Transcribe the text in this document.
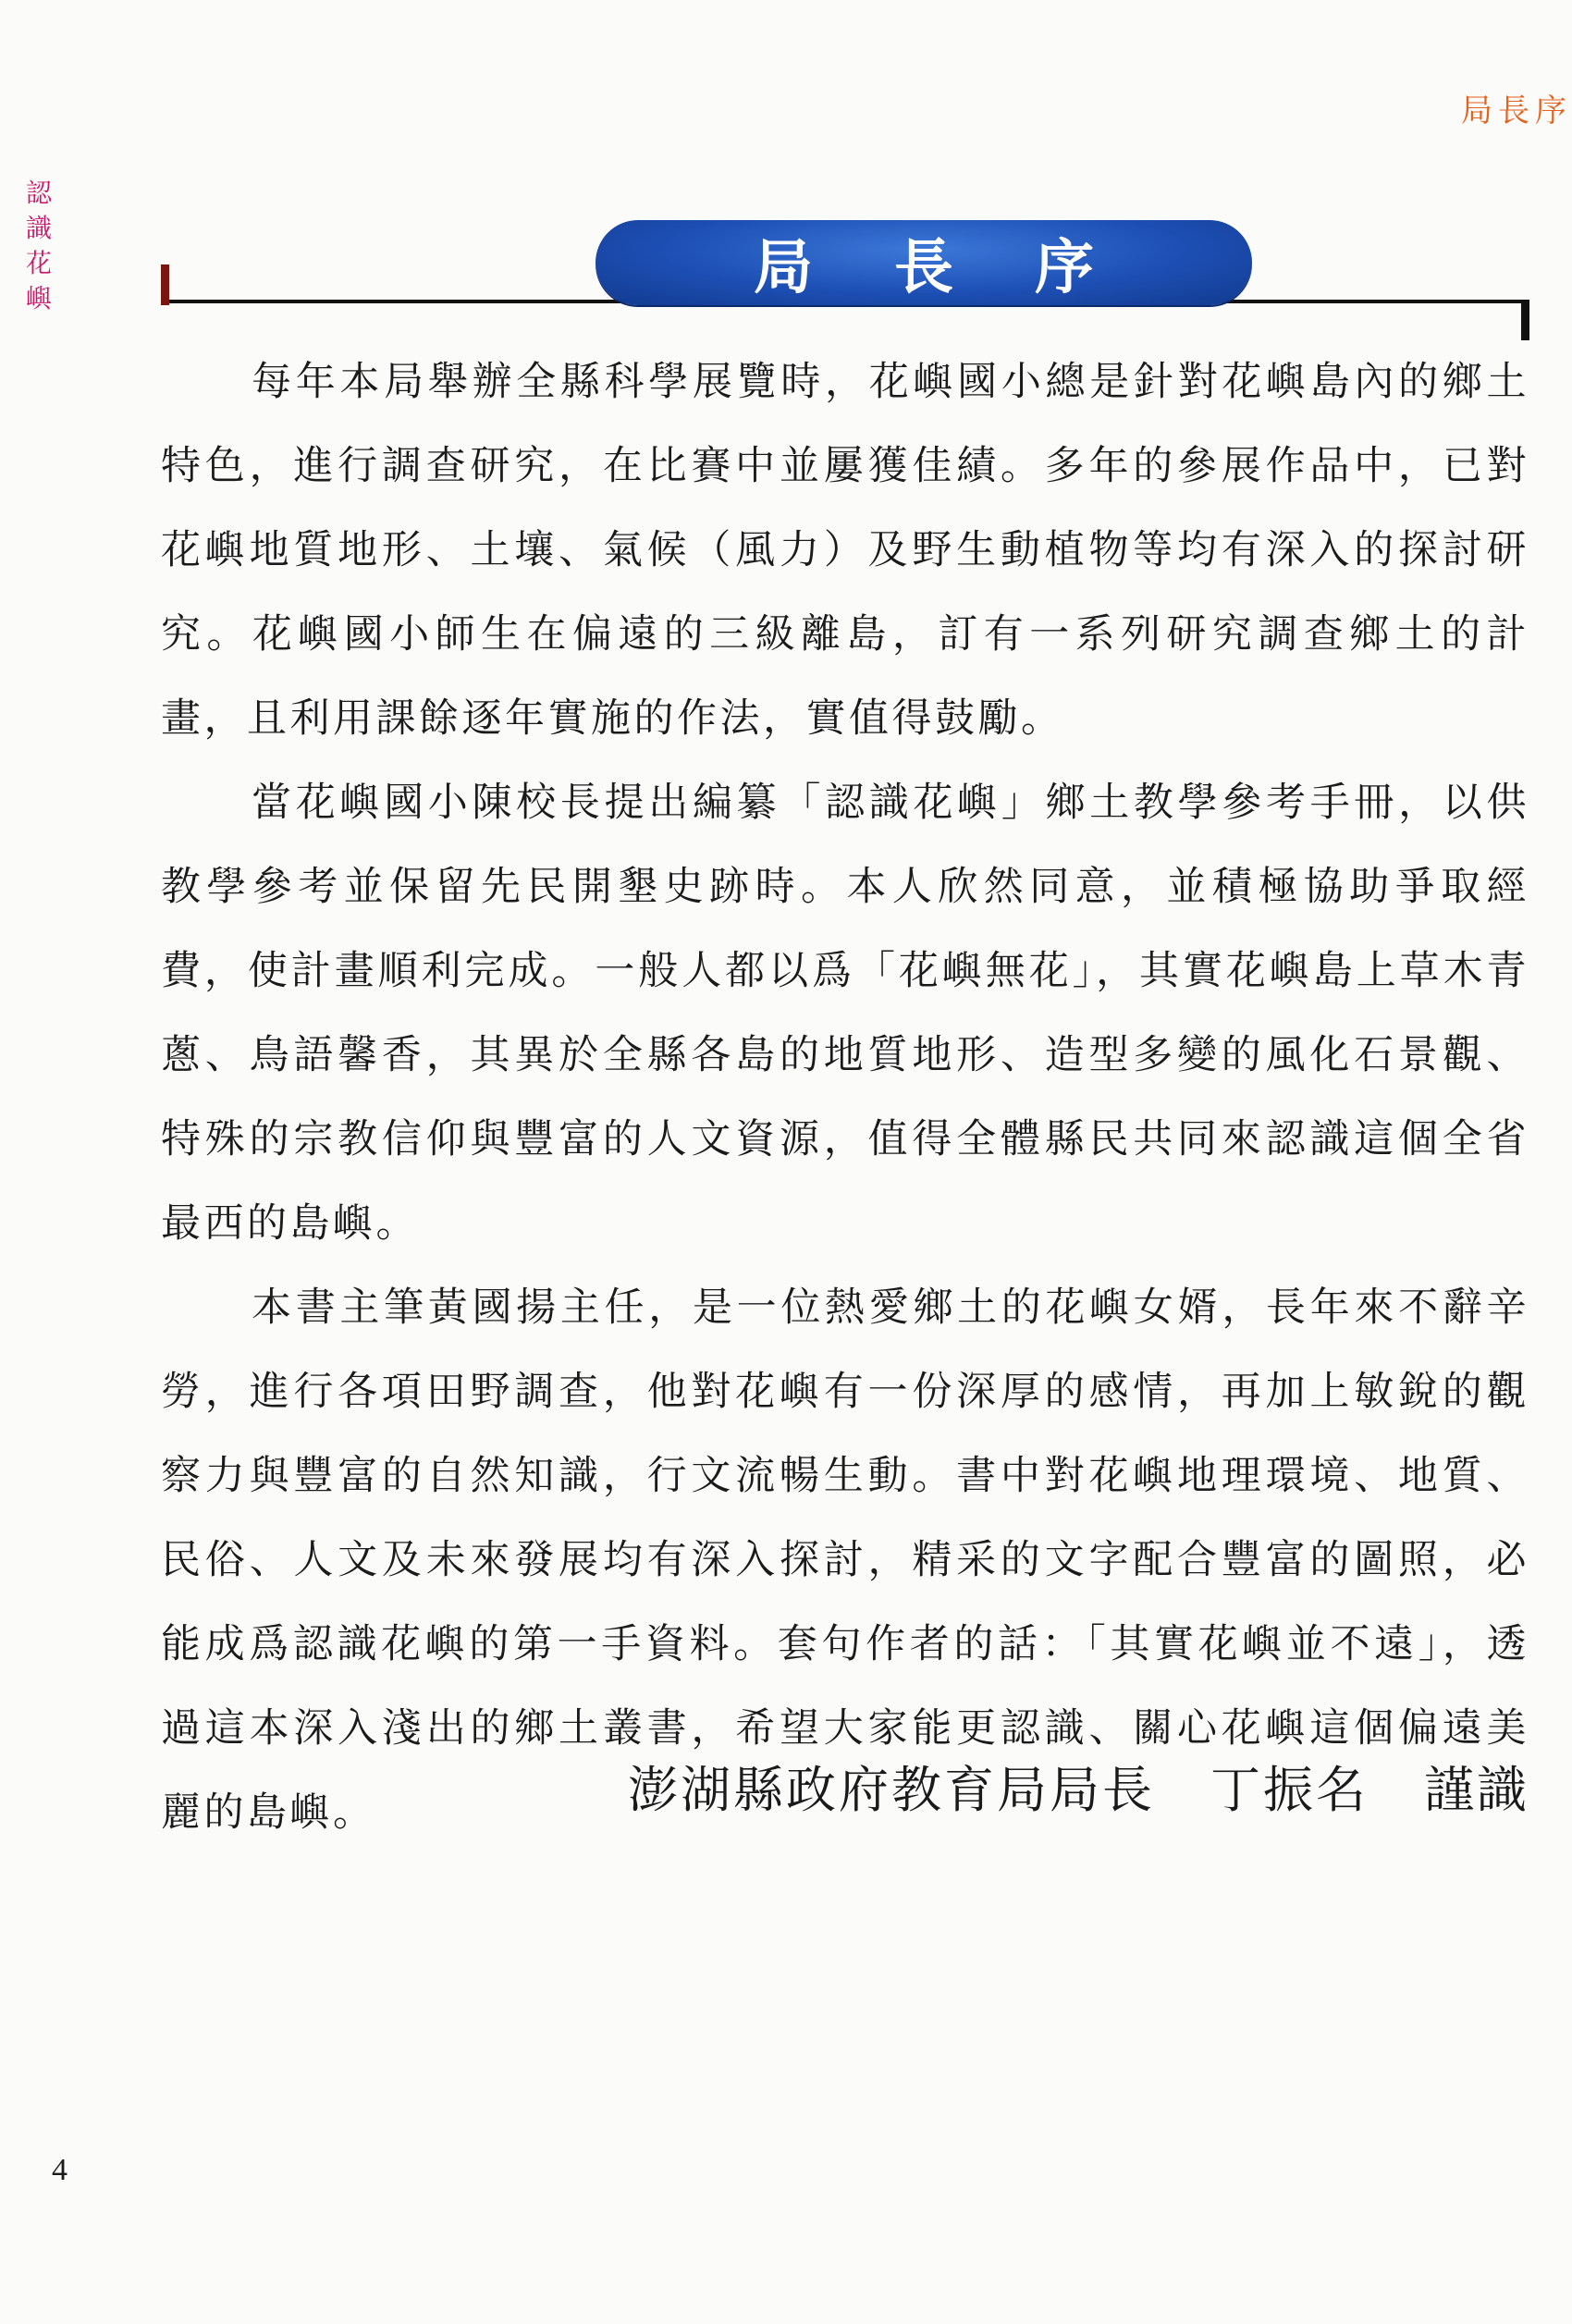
局長序
認
識
花
嶼	局長序

每年本局舉辦全縣科學展覽時，花嶼國小總是針對花嶼島內的鄉土特色，進行調查研究，在比賽中並屢獲佳績。多年的參展作品中，已對花嶼地質地形、土壤、氣候（風力）及野生動植物等均有深入的探討研究。花嶼國小師生在偏遠的三級離島，訂有一系列研究調查鄉土的計畫，且利用課餘逐年實施的作法，實值得鼓勵。

當花嶼國小陳校長提出編纂「認識花嶼」鄉土教學參考手冊，以供教學參考並保留先民開墾史跡時。本人欣然同意，並積極協助爭取經費，使計畫順利完成。一般人都以爲「花嶼無花」，其實花嶼島上草木青蔥、鳥語馨香，其異於全縣各島的地質地形、造型多變的風化石景觀、特殊的宗教信仰與豐富的人文資源，值得全體縣民共同來認識這個全省最西的島嶼。

本書主筆黃國揚主任，是一位熱愛鄉土的花嶼女婿，長年來不辭辛勞，進行各項田野調查，他對花嶼有一份深厚的感情，再加上敏銳的觀察力與豐富的自然知識，行文流暢生動。書中對花嶼地理環境、地質、民俗、人文及未來發展均有深入探討，精采的文字配合豐富的圖照，必能成爲認識花嶼的第一手資料。套句作者的話：「其實花嶼並不遠」，透過這本深入淺出的鄉土叢書，希望大家能更認識、關心花嶼這個偏遠美麗的島嶼。	澎湖縣政府教育局局長 丁振名 謹識
4
